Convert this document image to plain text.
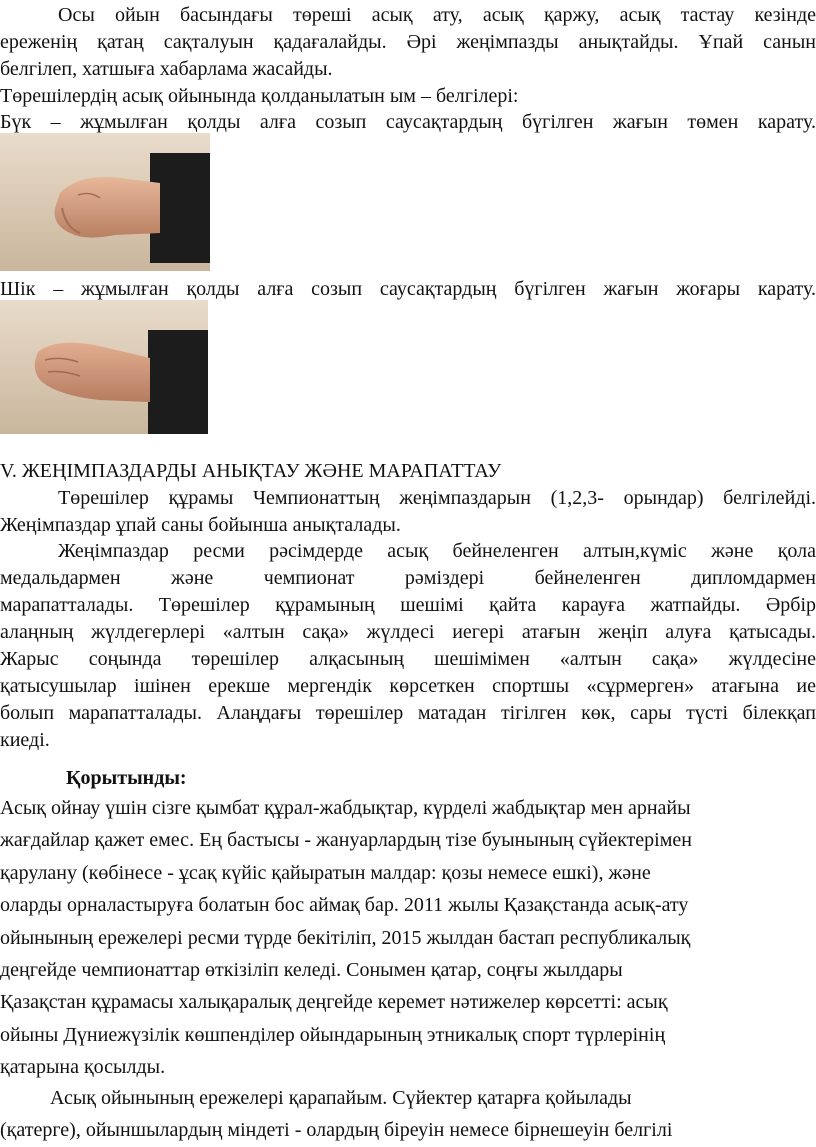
Осы ойын басындағы төреші асық ату, асық қаржу, асық тастау кезінде
ереженің қатаң сақталуын қадағалайды. Әрі жеңімпазды анықтайды. Ұпай санын
белгілеп, хатшыға хабарлама жасайды.
Төрешілердің асық ойынында қолданылатын ым – белгілері:
Бүк – жұмылған қолды алға созып саусақтардың бүгілген жағын төмен карату.
Шік – жұмылған қолды алға созып саусақтардың бүгілген жағын жоғары карату.
V. ЖЕҢІМПАЗДАРДЫ АНЫҚТАУ ЖӘНЕ МАРАПАТТАУ
Төрешілер құрамы Чемпионаттың жеңімпаздарын (1,2,3- орындар) белгілейді.
Жеңімпаздар ұпай саны бойынша анықталады.
Жеңімпаздар ресми рәсімдерде асық бейнеленген алтын,күміс және қола
медальдармен және чемпионат рәміздері бейнеленген дипломдармен
марапатталады. Төрешілер құрамының шешімі қайта карауға жатпайды. Әрбір
алаңның жүлдегерлері «алтын сақа» жүлдесі иегері атағын жеңіп алуға қатысады.
Жарыс соңында төрешілер алқасының шешімімен «алтын сақа» жүлдесіне
қатысушылар ішінен ерекше мергендік көрсеткен спортшы «сұрмерген» атағына ие
болып марапатталады. Алаңдағы төрешілер матадан тігілген көк, сары түсті білекқап
киеді.
Қорытынды:
Асық ойнау үшін сізге қымбат құрал-жабдықтар, күрделі жабдықтар мен арнайы
жағдайлар қажет емес. Ең бастысы - жануарлардың тізе буынының сүйектерімен
қарулану (көбінесе - ұсақ күйіс қайыратын малдар: қозы немесе ешкі), және
оларды орналастыруға болатын бос аймақ бар. 2011 жылы Қазақстанда асық-ату
ойынының ережелері ресми түрде бекітіліп, 2015 жылдан бастап республикалық
деңгейде чемпионаттар өткізіліп келеді. Сонымен қатар, соңғы жылдары
Қазақстан құрамасы халықаралық деңгейде керемет нәтижелер көрсетті: асық
ойыны Дүниежүзілік көшпенділер ойындарының этникалық спорт түрлерінің
қатарына қосылды.
Асық ойынының ережелері қарапайым. Сүйектер қатарға қойылады
(қатерге), ойыншылардың міндеті - олардың біреуін немесе бірнешеуін белгілі
